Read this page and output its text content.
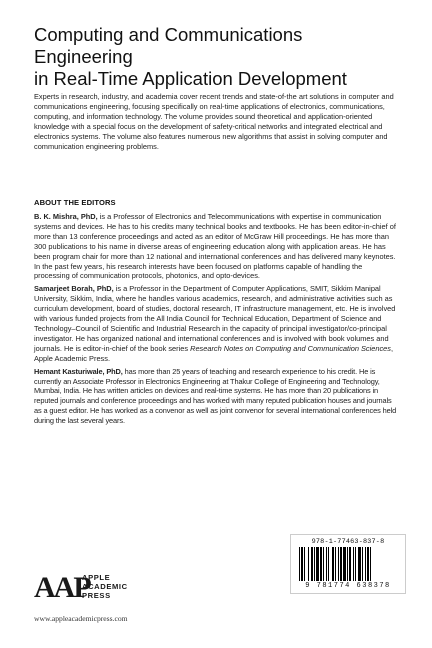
Computing and Communications Engineering
in Real-Time Application Development

Experts in research, industry, and academia cover recent trends and state-of-the art solutions in computer and communications engineering, focusing specifically on real-time applications of electronics, communications, computing, and information technology. The volume provides sound theoretical and application-oriented knowledge with a special focus on the development of safety-critical networks and integrated electrical and electronics systems. The volume also features numerous new algorithms that assist in solving computer and communication engineering problems.

ABOUT THE EDITORS

B. K. Mishra, PhD, is a Professor of Electronics and Telecommunications with expertise in communication systems and devices. He has to his credits many technical books and textbooks. He has been editor-in-chief of more than 13 conference proceedings and acted as an editor of McGraw Hill proceedings. He has more than 300 publications to his name in diverse areas of engineering education along with application areas. He has been program chair for more than 12 national and international conferences and has delivered many keynotes. In the past few years, his research interests have been focused on platforms capable of handling the processing of communication protocols, photonics, and opto-devices.

Samarjeet Borah, PhD, is a Professor in the Department of Computer Applications, SMIT, Sikkim Manipal University, Sikkim, India, where he handles various academics, research, and administrative activities such as curriculum development, board of studies, doctoral research, IT infrastructure management, etc. He is involved with various funded projects from the All India Council for Technical Education, Department of Science and Technology–Council of Scientific and Industrial Research in the capacity of principal investigator/co-principal investigator. He has organized national and international conferences and is involved with book volumes and journals. He is editor-in-chief of the book series Research Notes on Computing and Communication Sciences, Apple Academic Press.

Hemant Kasturiwale, PhD, has more than 25 years of teaching and research experience to his credit. He is currently an Associate Professor in Electronics Engineering at Thakur College of Engineering and Technology, Mumbai, India. He has written articles on devices and real-time systems. He has more than 20 publications in reputed journals and conference proceedings and has worked with many reputed publication houses and journals as a guest editor. He has worked as a convenor as well as joint convenor for several international conferences held during the last several years.

AAP
APPLE
ACADEMIC
PRESS
www.appleacademicpress.com
978-1-77463-837-8
9 781774 638378
